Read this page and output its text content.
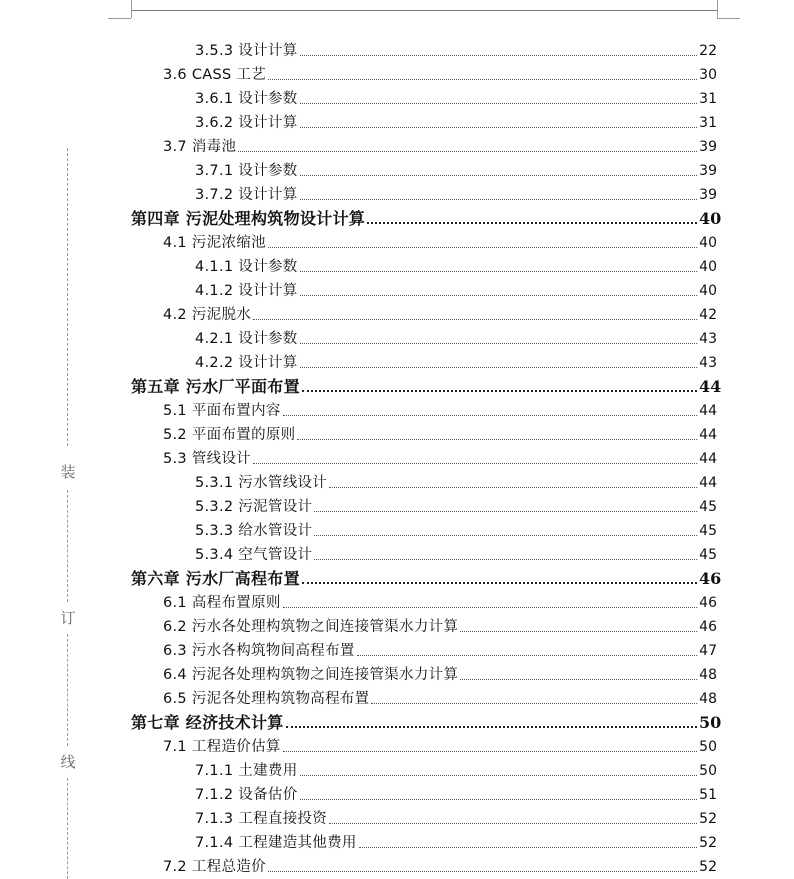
装
订
线
3.5.3 设计计算	22
3.6 CASS 工艺	30
3.6.1 设计参数	31
3.6.2 设计计算	31
3.7 消毒池	39
3.7.1 设计参数	39
3.7.2 设计计算	39
第四章 污泥处理构筑物设计计算	40
4.1 污泥浓缩池	40
4.1.1 设计参数	40
4.1.2 设计计算	40
4.2 污泥脱水	42
4.2.1 设计参数	43
4.2.2 设计计算	43
第五章 污水厂平面布置	44
5.1 平面布置内容	44
5.2 平面布置的原则	44
5.3 管线设计	44
5.3.1 污水管线设计	44
5.3.2 污泥管设计	45
5.3.3 给水管设计	45
5.3.4 空气管设计	45
第六章 污水厂高程布置	46
6.1 高程布置原则	46
6.2 污水各处理构筑物之间连接管渠水力计算	46
6.3 污水各构筑物间高程布置	47
6.4 污泥各处理构筑物之间连接管渠水力计算	48
6.5 污泥各处理构筑物高程布置	48
第七章 经济技术计算	50
7.1 工程造价估算	50
7.1.1 土建费用	50
7.1.2 设备估价	51
7.1.3 工程直接投资	52
7.1.4 工程建造其他费用	52
7.2 工程总造价	52
